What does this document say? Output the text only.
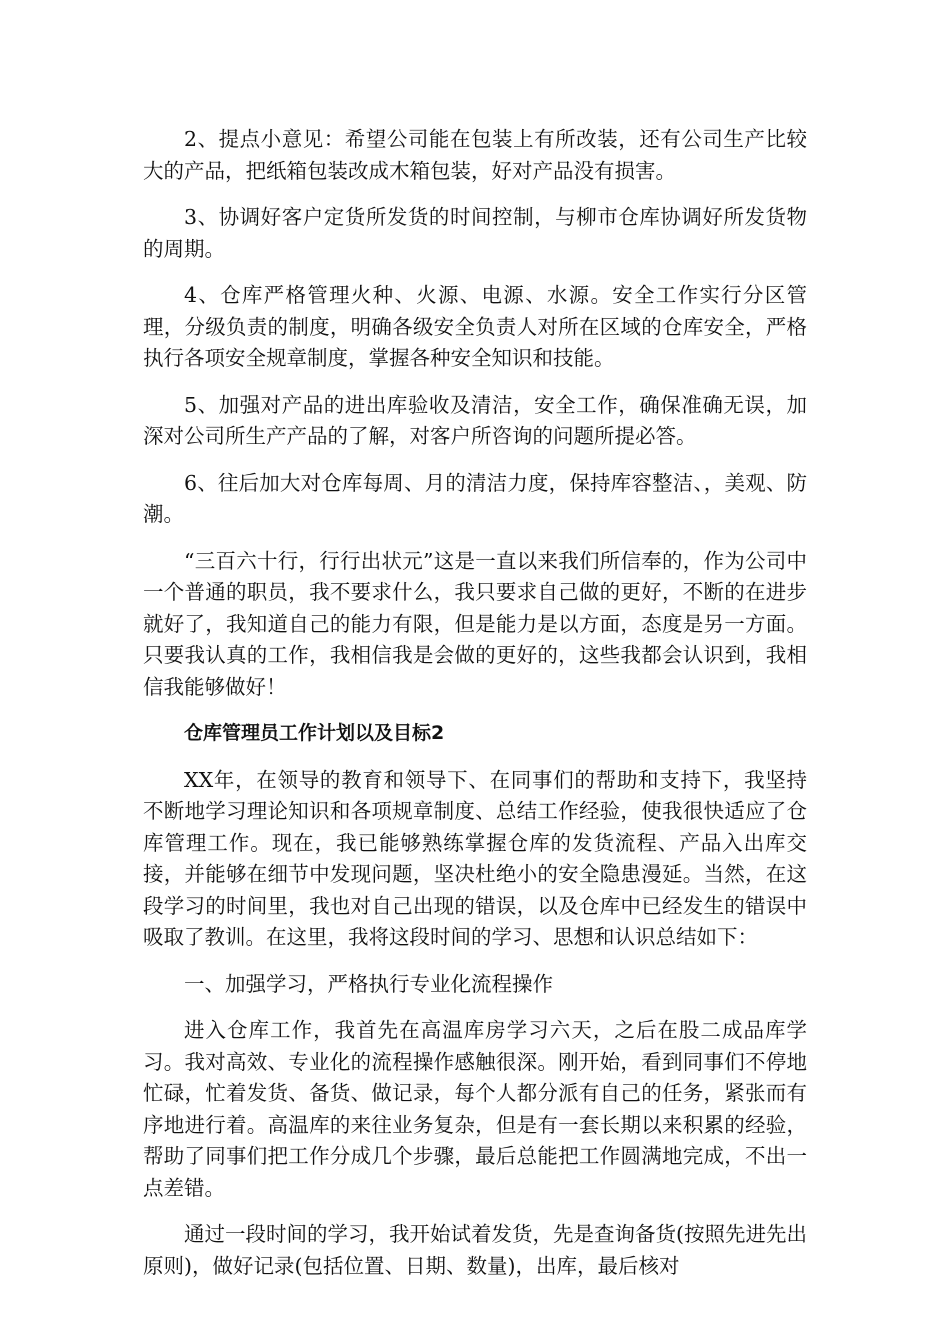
2、提点小意见：希望公司能在包装上有所改装，还有公司生产比较大的产品，把纸箱包装改成木箱包装，好对产品没有损害。

3、协调好客户定货所发货的时间控制，与柳市仓库协调好所发货物的周期。

4、仓库严格管理火种、火源、电源、水源。安全工作实行分区管理，分级负责的制度，明确各级安全负责人对所在区域的仓库安全，严格执行各项安全规章制度，掌握各种安全知识和技能。

5、加强对产品的进出库验收及清洁，安全工作，确保准确无误，加深对公司所生产产品的了解，对客户所咨询的问题所提必答。

6、往后加大对仓库每周、月的清洁力度，保持库容整洁、，美观、防潮。

“三百六十行，行行出状元”这是一直以来我们所信奉的，作为公司中一个普通的职员，我不要求什么，我只要求自己做的更好，不断的在进步就好了，我知道自己的能力有限，但是能力是以方面，态度是另一方面。只要我认真的工作，我相信我是会做的更好的，这些我都会认识到，我相信我能够做好！

仓库管理员工作计划以及目标2

XX年，在领导的教育和领导下、在同事们的帮助和支持下，我坚持不断地学习理论知识和各项规章制度、总结工作经验，使我很快适应了仓库管理工作。现在，我已能够熟练掌握仓库的发货流程、产品入出库交接，并能够在细节中发现问题，坚决杜绝小的安全隐患漫延。当然，在这段学习的时间里，我也对自己出现的错误，以及仓库中已经发生的错误中吸取了教训。在这里，我将这段时间的学习、思想和认识总结如下：

一、加强学习，严格执行专业化流程操作

进入仓库工作，我首先在高温库房学习六天，之后在股二成品库学习。我对高效、专业化的流程操作感触很深。刚开始，看到同事们不停地忙碌，忙着发货、备货、做记录，每个人都分派有自己的任务，紧张而有序地进行着。高温库的来往业务复杂，但是有一套长期以来积累的经验，帮助了同事们把工作分成几个步骤，最后总能把工作圆满地完成，不出一点差错。

通过一段时间的学习，我开始试着发货，先是查询备货(按照先进先出原则)，做好记录(包括位置、日期、数量)，出库，最后核对
